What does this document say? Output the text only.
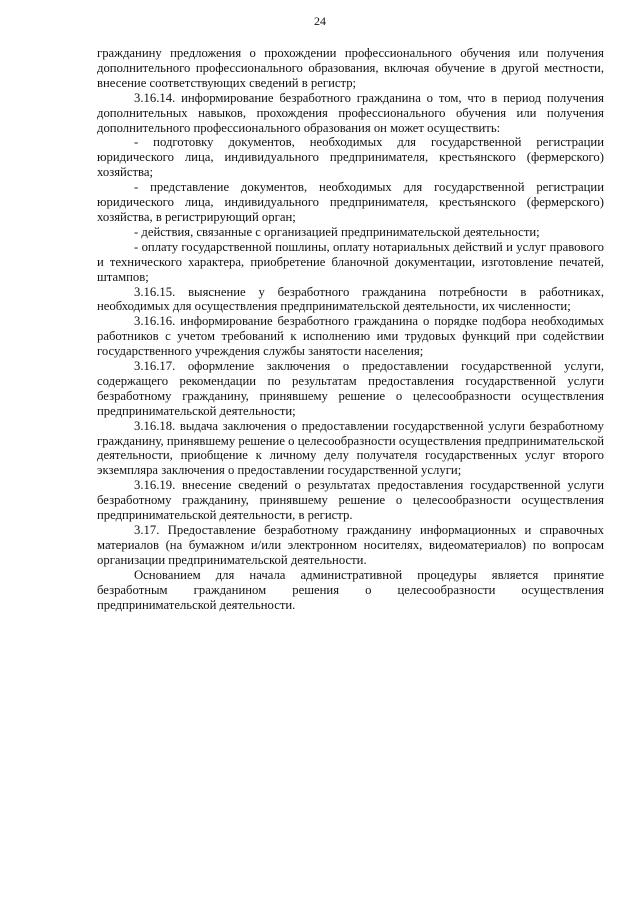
24

гражданину предложения о прохождении профессионального обучения или получения дополнительного профессионального образования, включая обучение в другой местности, внесение соответствующих сведений в регистр;

3.16.14. информирование безработного гражданина о том, что в период получения дополнительных навыков, прохождения профессионального обучения или получения дополнительного профессионального образования он может осуществить:

- подготовку документов, необходимых для государственной регистрации юридического лица, индивидуального предпринимателя, крестьянского (фермерского) хозяйства;

- представление документов, необходимых для государственной регистрации юридического лица, индивидуального предпринимателя, крестьянского (фермерского) хозяйства, в регистрирующий орган;

- действия, связанные с организацией предпринимательской деятельности;

- оплату государственной пошлины, оплату нотариальных действий и услуг правового и технического характера, приобретение бланочной документации, изготовление печатей, штампов;

3.16.15. выяснение у безработного гражданина потребности в работниках, необходимых для осуществления предпринимательской деятельности, их численности;

3.16.16. информирование безработного гражданина о порядке подбора необходимых работников с учетом требований к исполнению ими трудовых функций при содействии государственного учреждения службы занятости населения;

3.16.17. оформление заключения о предоставлении государственной услуги, содержащего рекомендации по результатам предоставления государственной услуги безработному гражданину, принявшему решение о целесообразности осуществления предпринимательской деятельности;

3.16.18. выдача заключения о предоставлении государственной услуги безработному гражданину, принявшему решение о целесообразности осуществления предпринимательской деятельности, приобщение к личному делу получателя государственных услуг второго экземпляра заключения о предоставлении государственной услуги;

3.16.19. внесение сведений о результатах предоставления государственной услуги безработному гражданину, принявшему решение о целесообразности осуществления предпринимательской деятельности, в регистр.

3.17. Предоставление безработному гражданину информационных и справочных материалов (на бумажном и/или электронном носителях, видеоматериалов) по вопросам организации предпринимательской деятельности.

Основанием для начала административной процедуры является принятие безработным гражданином решения о целесообразности осуществления предпринимательской деятельности.
